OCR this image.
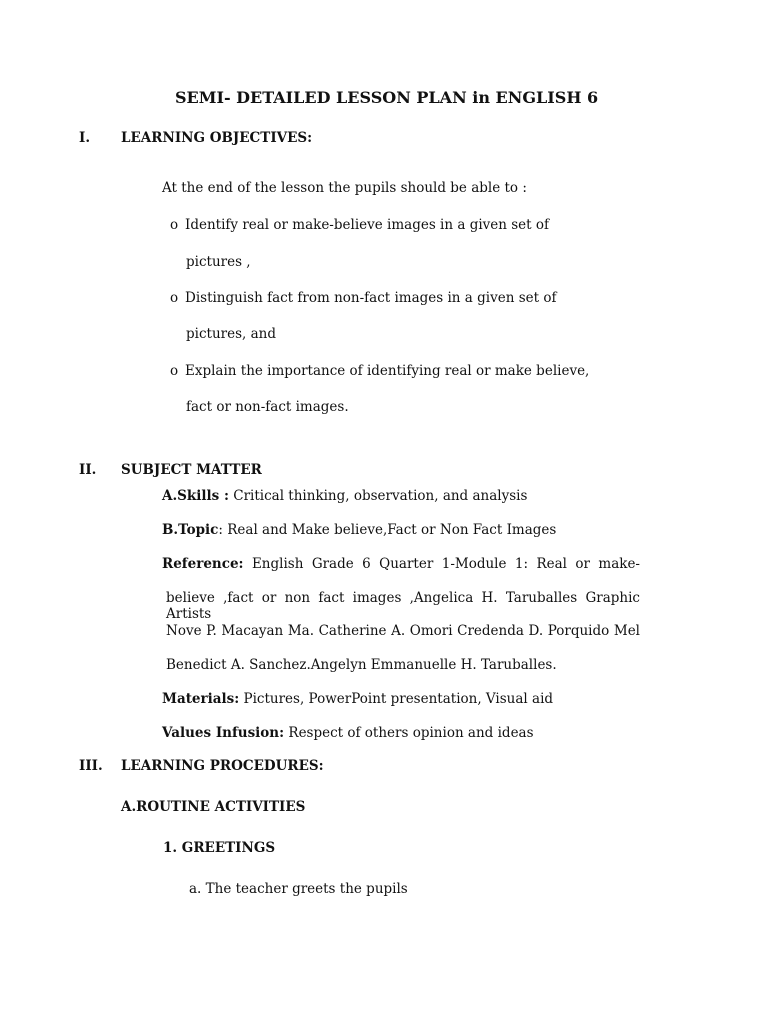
SEMI- DETAILED LESSON PLAN in ENGLISH 6
I. LEARNING OBJECTIVES:
At the end of the lesson the pupils should be able to :
o Identify real or make-believe images in a given set of
pictures ,
o Distinguish fact from non-fact images in a given set of
pictures, and
o Explain the importance of identifying real or make believe,
fact or non-fact images.
II. SUBJECT MATTER
A.Skills : Critical thinking, observation, and analysis
B.Topic: Real and Make believe,Fact or Non Fact Images
Reference: English Grade 6 Quarter 1-Module 1: Real or make-
believe ,fact or non fact images ,Angelica H. Taruballes Graphic Artists
Nove P. Macayan Ma. Catherine A. Omori Credenda D. Porquido Mel
Benedict A. Sanchez.Angelyn Emmanuelle H. Taruballes.
Materials: Pictures, PowerPoint presentation, Visual aid
Values Infusion: Respect of others opinion and ideas
III. LEARNING PROCEDURES:
A.ROUTINE ACTIVITIES
1. GREETINGS
a. The teacher greets the pupils
